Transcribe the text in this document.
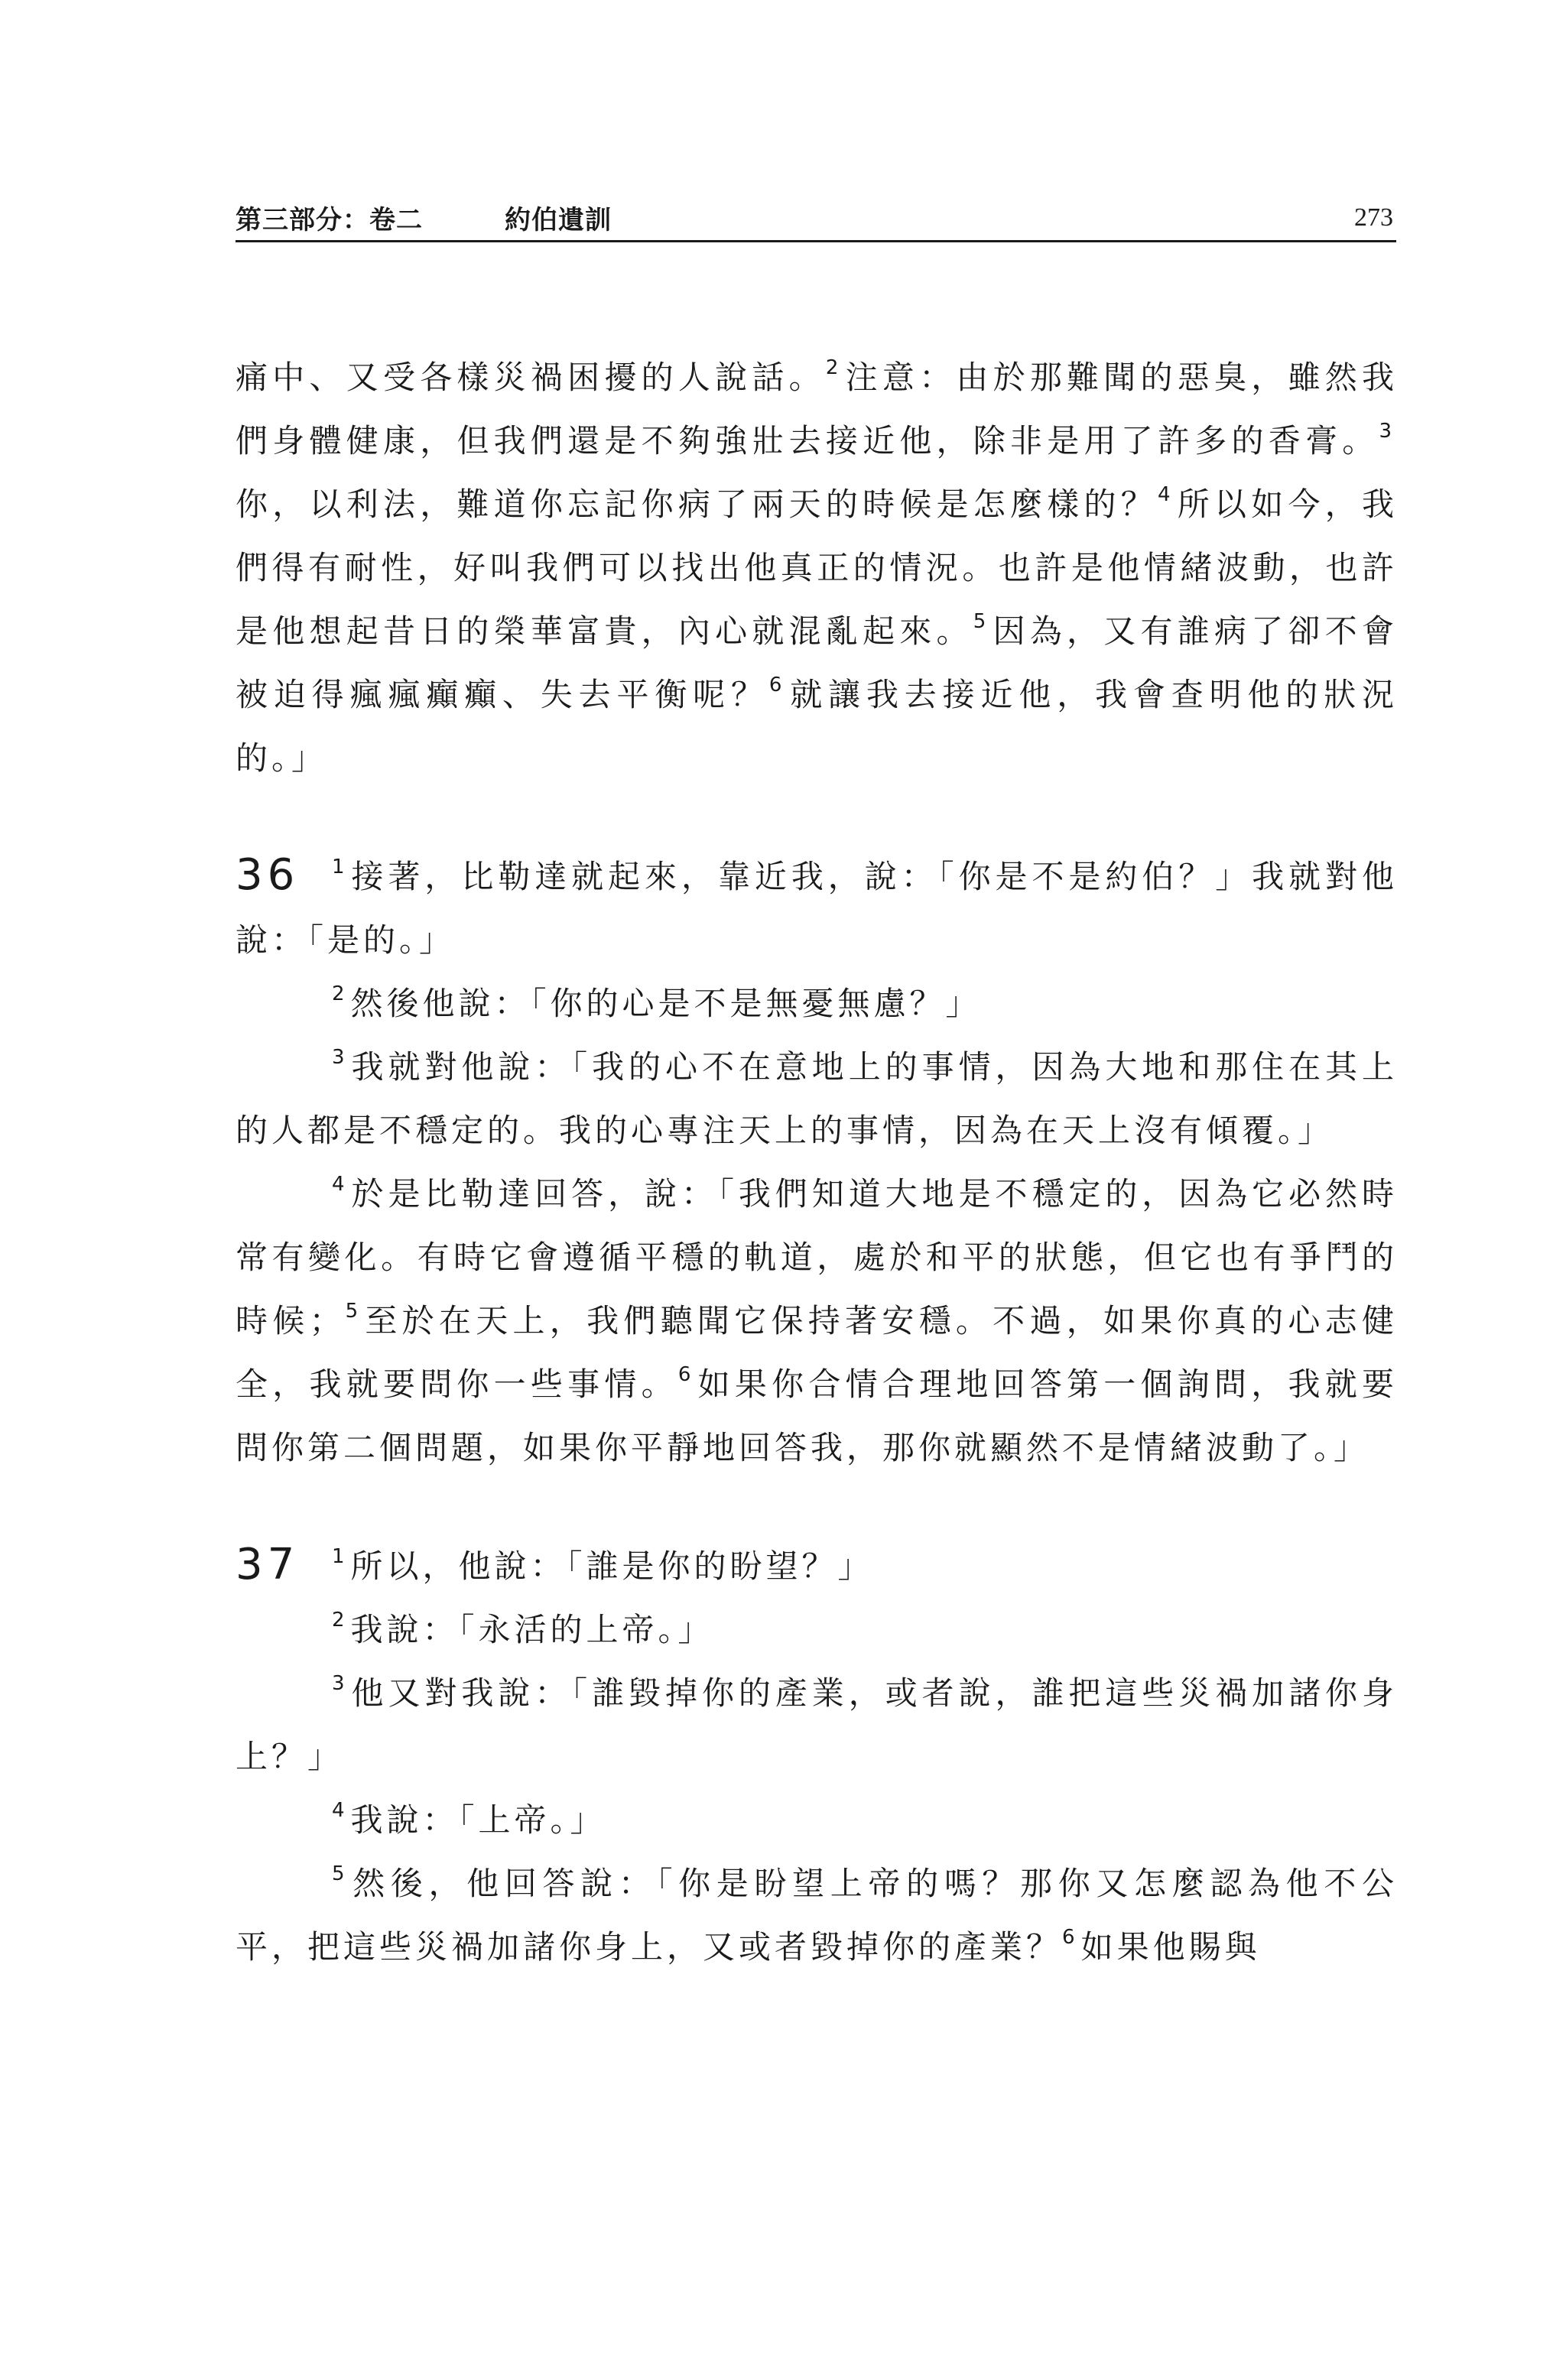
第三部分：卷二	約伯遺訓	273

痛中、又受各樣災禍困擾的人說話。$^2$ 注意：由於那難聞的惡臭，雖然我們身體健康，但我們還是不夠強壯去接近他，除非是用了許多的香膏。$^3$你，以利法，難道你忘記你病了兩天的時候是怎麼樣的？$^4$ 所以如今，我們得有耐性，好叫我們可以找出他真正的情況。也許是他情緒波動，也許是他想起昔日的榮華富貴，內心就混亂起來。$^5$ 因為，又有誰病了卻不會被迫得瘋瘋癲癲、失去平衡呢？$^6$ 就讓我去接近他，我會查明他的狀況的。」

36 $^1$ 接著，比勒達就起來，靠近我，說：「你是不是約伯？」我就對他說：「是的。」

$^2$ 然後他說：「你的心是不是無憂無慮？」

$^3$ 我就對他說：「我的心不在意地上的事情，因為大地和那住在其上的人都是不穩定的。我的心專注天上的事情，因為在天上沒有傾覆。」

$^4$ 於是比勒達回答，說：「我們知道大地是不穩定的，因為它必然時常有變化。有時它會遵循平穩的軌道，處於和平的狀態，但它也有爭鬥的時候；$^5$ 至於在天上，我們聽聞它保持著安穩。不過，如果你真的心志健全，我就要問你一些事情。$^6$ 如果你合情合理地回答第一個詢問，我就要問你第二個問題，如果你平靜地回答我，那你就顯然不是情緒波動了。」

37 $^1$ 所以，他說：「誰是你的盼望？」

$^2$ 我說：「永活的上帝。」

$^3$ 他又對我說：「誰毀掉你的產業，或者說，誰把這些災禍加諸你身上？」

$^4$ 我說：「上帝。」

$^5$ 然後，他回答說：「你是盼望上帝的嗎？那你又怎麼認為他不公平，把這些災禍加諸你身上，又或者毀掉你的產業？$^6$ 如果他賜與
